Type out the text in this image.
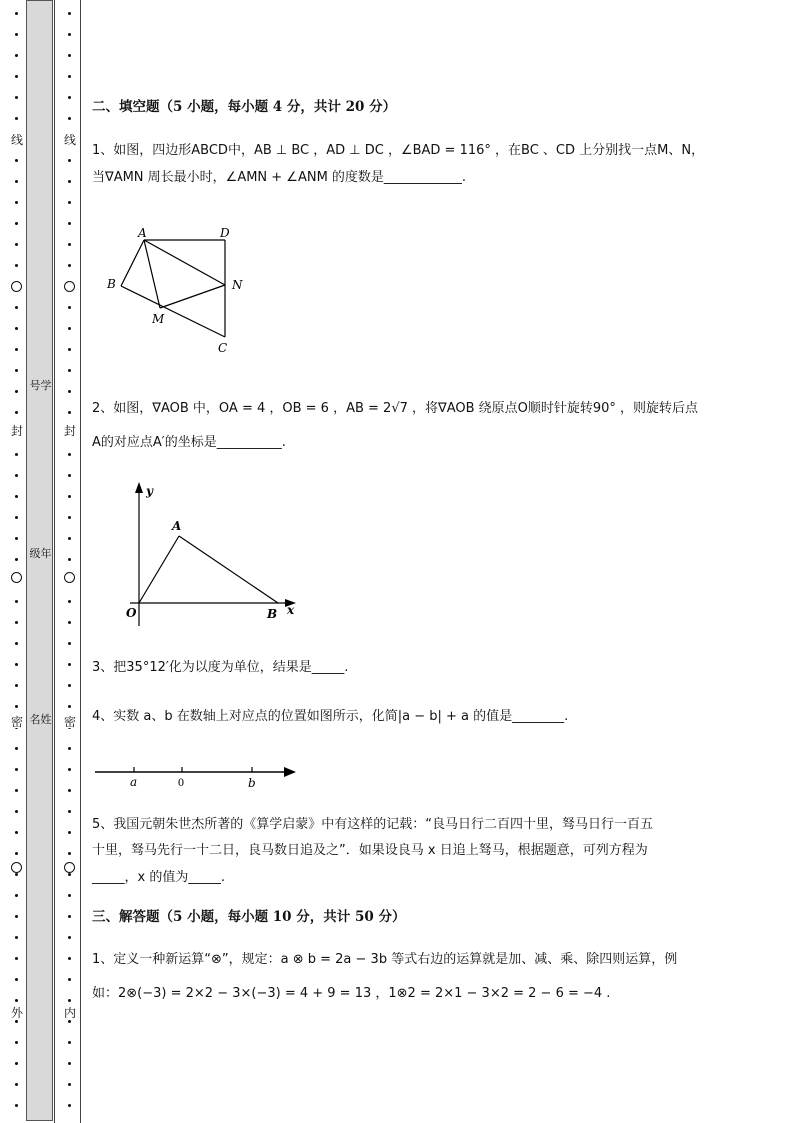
号学
级年
名姓
线
封
密
外
线
封
密
内
二、填空题（5 小题，每小题 4 分，共计 20 分）
1、如图，四边形ABCD中，AB ⊥ BC ，AD ⊥ DC ，∠BAD = 116° ，在BC 、CD 上分别找一点M、N，
当∇AMN 周长最小时，∠AMN + ∠ANM 的度数是____________.
A	D
B	N
M
C
2、如图，∇AOB 中，OA = 4 ，OB = 6 ，AB = 2√7 ，将∇AOB 绕原点O顺时针旋转90° ，则旋转后点
A的对应点A′的坐标是__________.
y
A
O	B x
3、把35°12′化为以度为单位，结果是_____.
4、实数 a、b 在数轴上对应点的位置如图所示，化简|a − b| + a 的值是________.
a	0	b
5、我国元朝朱世杰所著的《算学启蒙》中有这样的记载：“良马日行二百四十里，驽马日行一百五
十里，驽马先行一十二日，良马数日追及之”．如果设良马 x 日追上驽马，根据题意，可列方程为
_____，x 的值为_____.
三、解答题（5 小题，每小题 10 分，共计 50 分）
1、定义一种新运算“⊗”，规定：a ⊗ b = 2a − 3b 等式右边的运算就是加、减、乘、除四则运算，例
如：2⊗(−3) = 2×2 − 3×(−3) = 4 + 9 = 13 ，1⊗2 = 2×1 − 3×2 = 2 − 6 = −4 .
